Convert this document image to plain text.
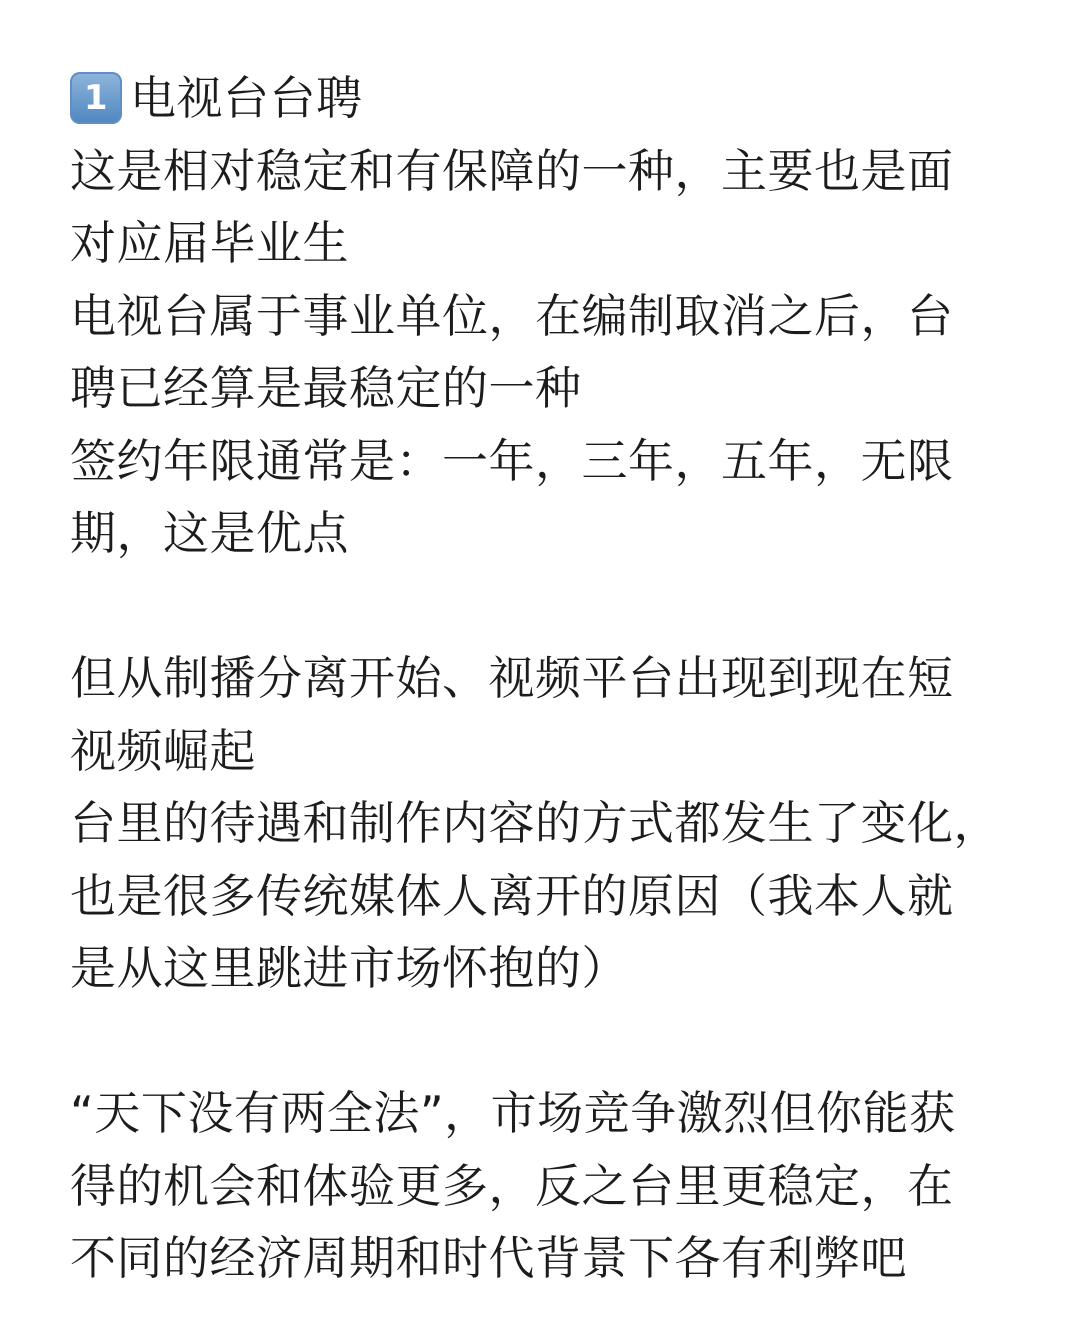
1 电视台台聘
这是相对稳定和有保障的一种，主要也是面
对应届毕业生
电视台属于事业单位，在编制取消之后，台
聘已经算是最稳定的一种
签约年限通常是：一年，三年，五年，无限
期，这是优点
但从制播分离开始、视频平台出现到现在短
视频崛起
台里的待遇和制作内容的方式都发生了变化，
也是很多传统媒体人离开的原因（我本人就
是从这里跳进市场怀抱的）
“天下没有两全法”，市场竞争激烈但你能获
得的机会和体验更多，反之台里更稳定，在
不同的经济周期和时代背景下各有利弊吧
